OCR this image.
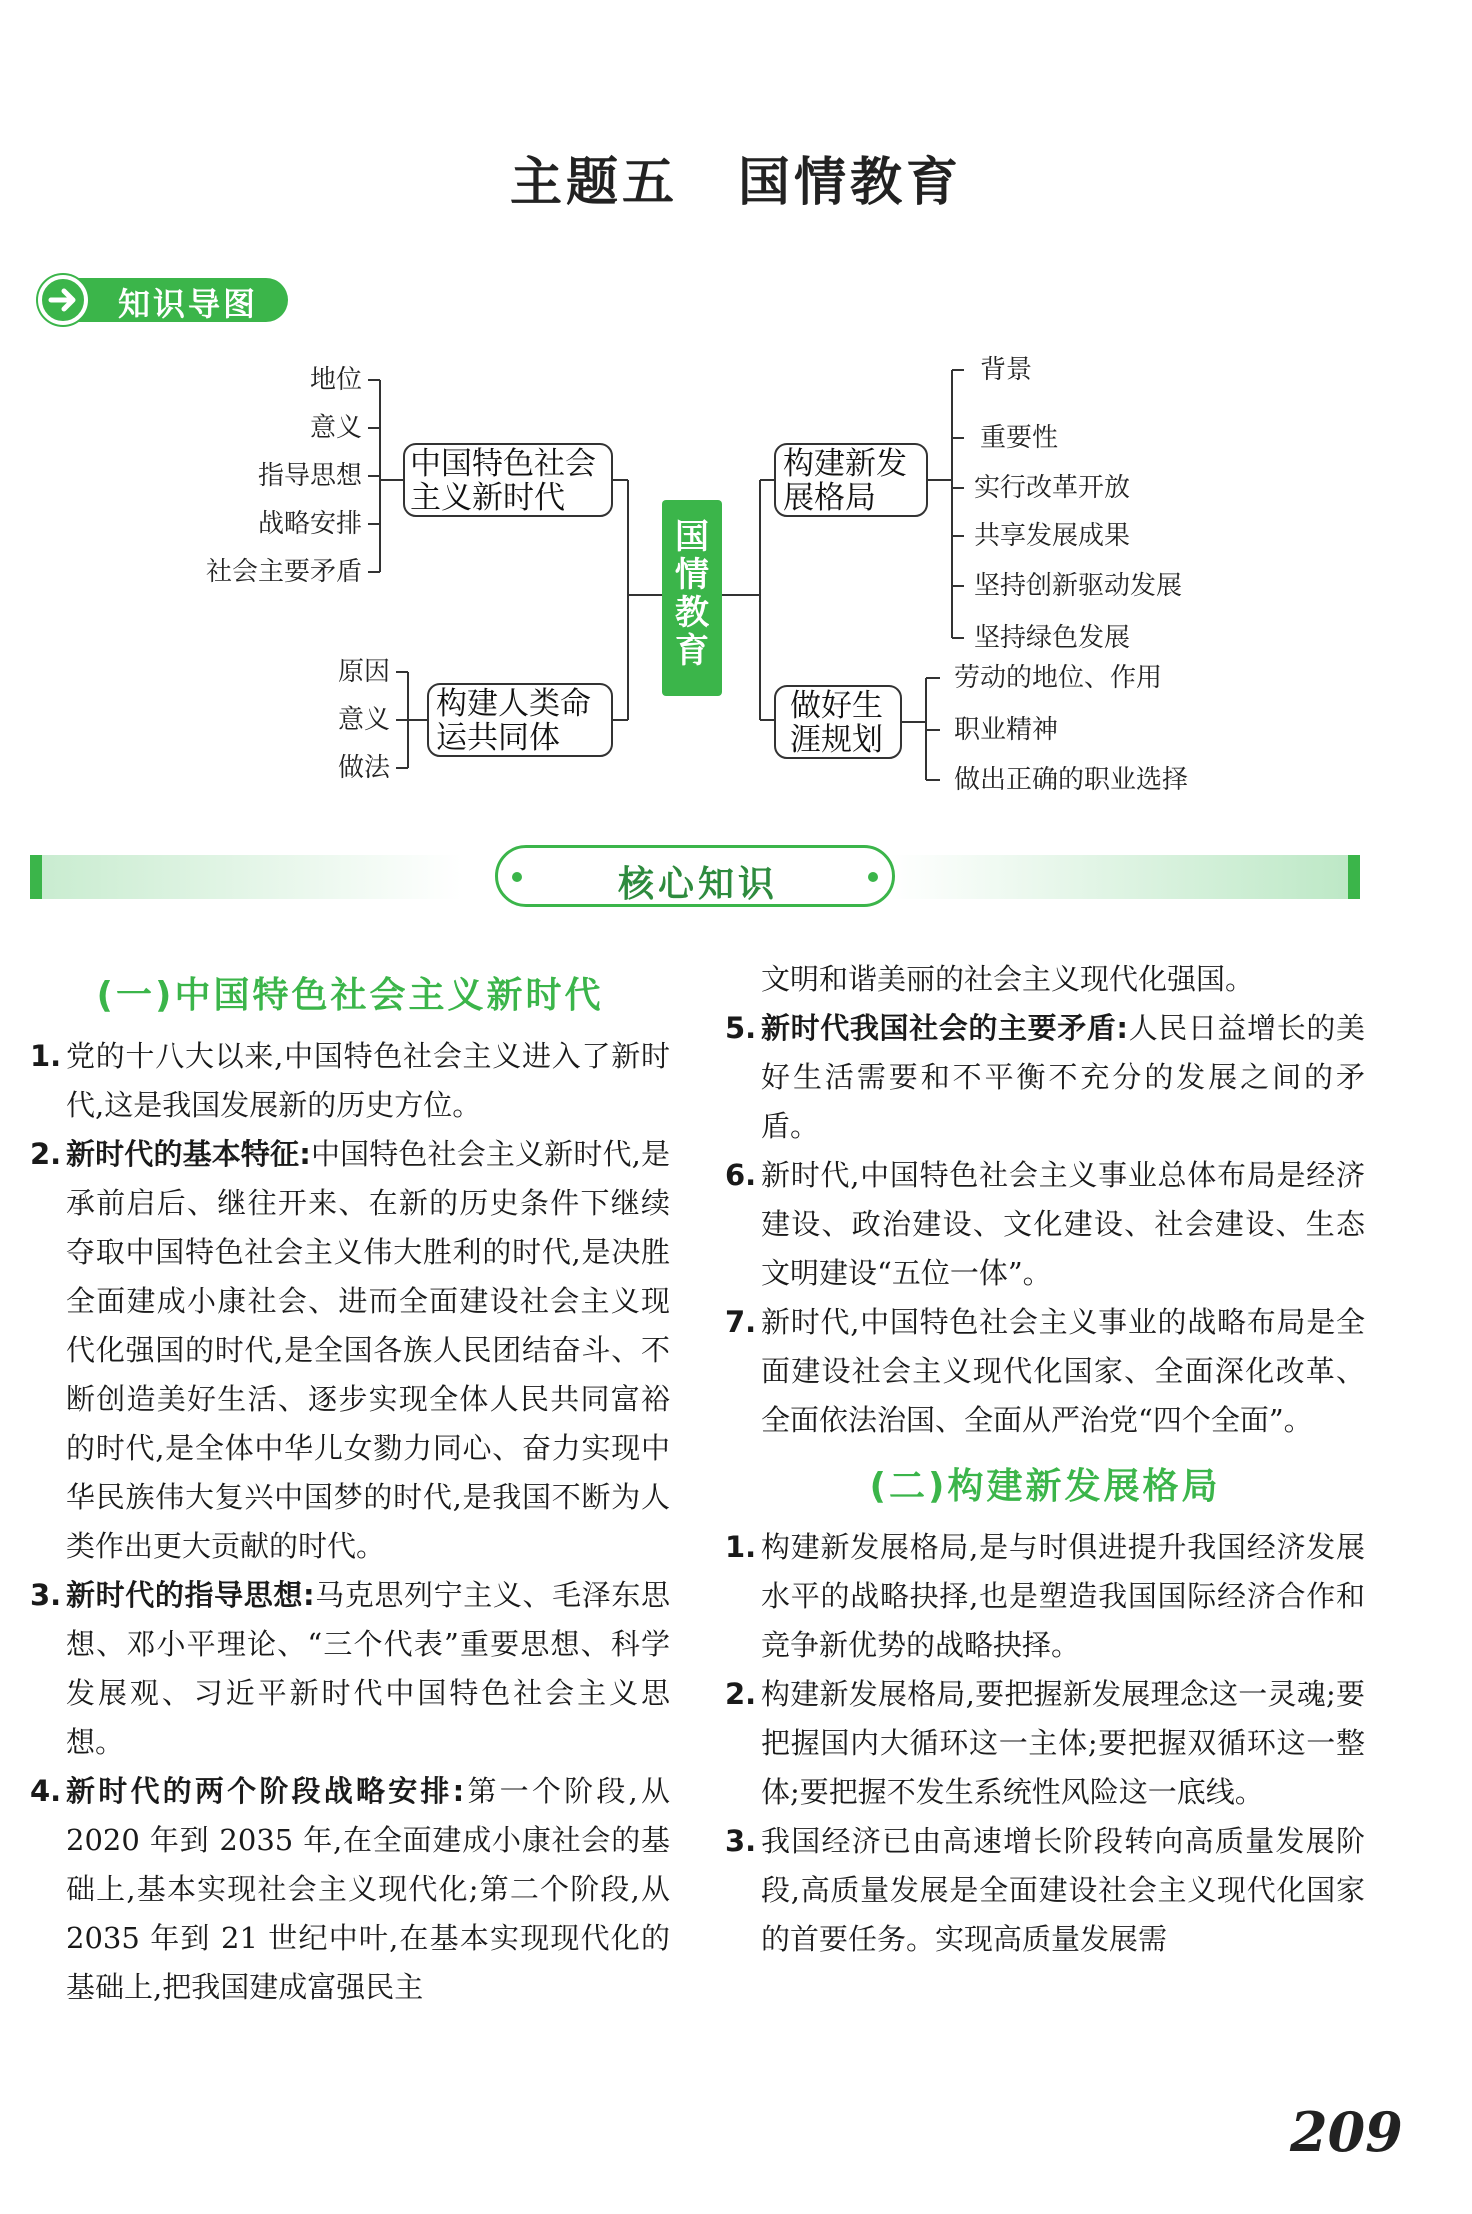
主题五 国情教育
知识导图
国
情
教
育
中国特色社会
主义新时代
地位
意义
指导思想
战略安排
社会主要矛盾
构建人类命
运共同体
原因
意义
做法
构建新发
展格局
背景
重要性
实行改革开放
共享发展成果
坚持创新驱动发展
坚持绿色发展
做好生
涯规划
劳动的地位、作用
职业精神
做出正确的职业选择
核心知识
(一)中国特色社会主义新时代
1. 党的十八大以来,中国特色社会主义进入了新时代,这是我国发展新的历史方位。
2. 新时代的基本特征:中国特色社会主义新时代,是承前启后、继往开来、在新的历史条件下继续夺取中国特色社会主义伟大胜利的时代,是决胜全面建成小康社会、进而全面建设社会主义现代化强国的时代,是全国各族人民团结奋斗、不断创造美好生活、逐步实现全体人民共同富裕的时代,是全体中华儿女勠力同心、奋力实现中华民族伟大复兴中国梦的时代,是我国不断为人类作出更大贡献的时代。
3. 新时代的指导思想:马克思列宁主义、毛泽东思想、邓小平理论、“三个代表”重要思想、科学发展观、习近平新时代中国特色社会主义思想。
4. 新时代的两个阶段战略安排:第一个阶段,从 2020 年到 2035 年,在全面建成小康社会的基础上,基本实现社会主义现代化;第二个阶段,从 2035 年到 21 世纪中叶,在基本实现现代化的基础上,把我国建成富强民主
文明和谐美丽的社会主义现代化强国。
5. 新时代我国社会的主要矛盾:人民日益增长的美好生活需要和不平衡不充分的发展之间的矛盾。
6. 新时代,中国特色社会主义事业总体布局是经济建设、政治建设、文化建设、社会建设、生态文明建设“五位一体”。
7. 新时代,中国特色社会主义事业的战略布局是全面建设社会主义现代化国家、全面深化改革、全面依法治国、全面从严治党“四个全面”。
(二)构建新发展格局
1. 构建新发展格局,是与时俱进提升我国经济发展水平的战略抉择,也是塑造我国国际经济合作和竞争新优势的战略抉择。
2. 构建新发展格局,要把握新发展理念这一灵魂;要把握国内大循环这一主体;要把握双循环这一整体;要把握不发生系统性风险这一底线。
3. 我国经济已由高速增长阶段转向高质量发展阶段,高质量发展是全面建设社会主义现代化国家的首要任务。实现高质量发展需
209
